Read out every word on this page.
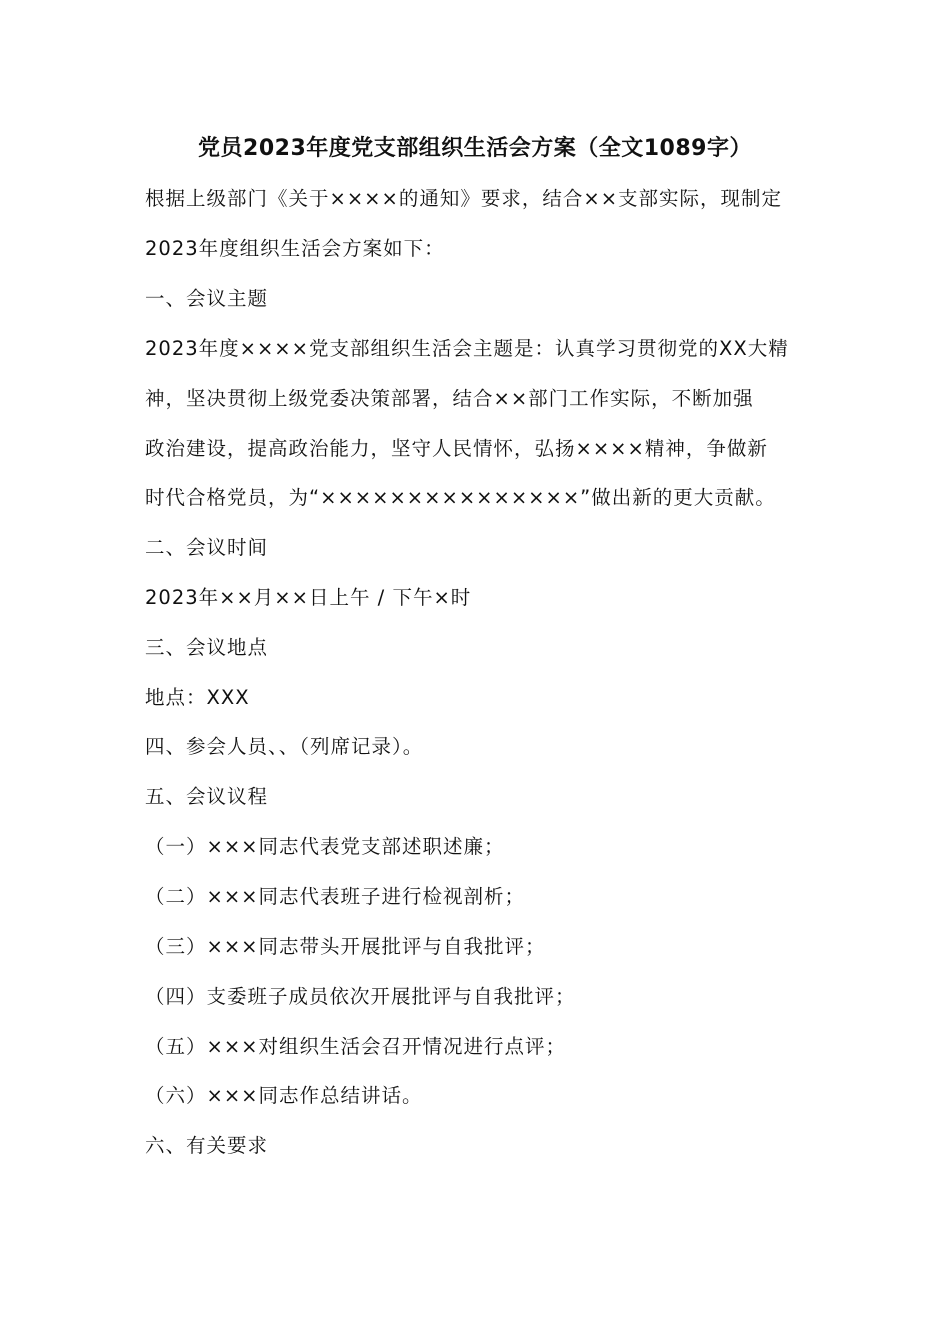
党员2023年度党支部组织生活会方案（全文1089字）
根据上级部门《关于××××的通知》要求，结合××支部实际，现制定
2023年度组织生活会方案如下：
一、会议主题
2023年度××××党支部组织生活会主题是：认真学习贯彻党的XX大精
神，坚决贯彻上级党委决策部署，结合××部门工作实际，不断加强
政治建设，提高政治能力，坚守人民情怀，弘扬××××精神，争做新
时代合格党员，为“×××××××××××××××”做出新的更大贡献。
二、会议时间
2023年××月××日上午 / 下午×时
三、会议地点
地点：XXX
四、参会人员、、（列席记录）。
五、会议议程
（一）×××同志代表党支部述职述廉；
（二）×××同志代表班子进行检视剖析；
（三）×××同志带头开展批评与自我批评；
（四）支委班子成员依次开展批评与自我批评；
（五）×××对组织生活会召开情况进行点评；
（六）×××同志作总结讲话。
六、有关要求
